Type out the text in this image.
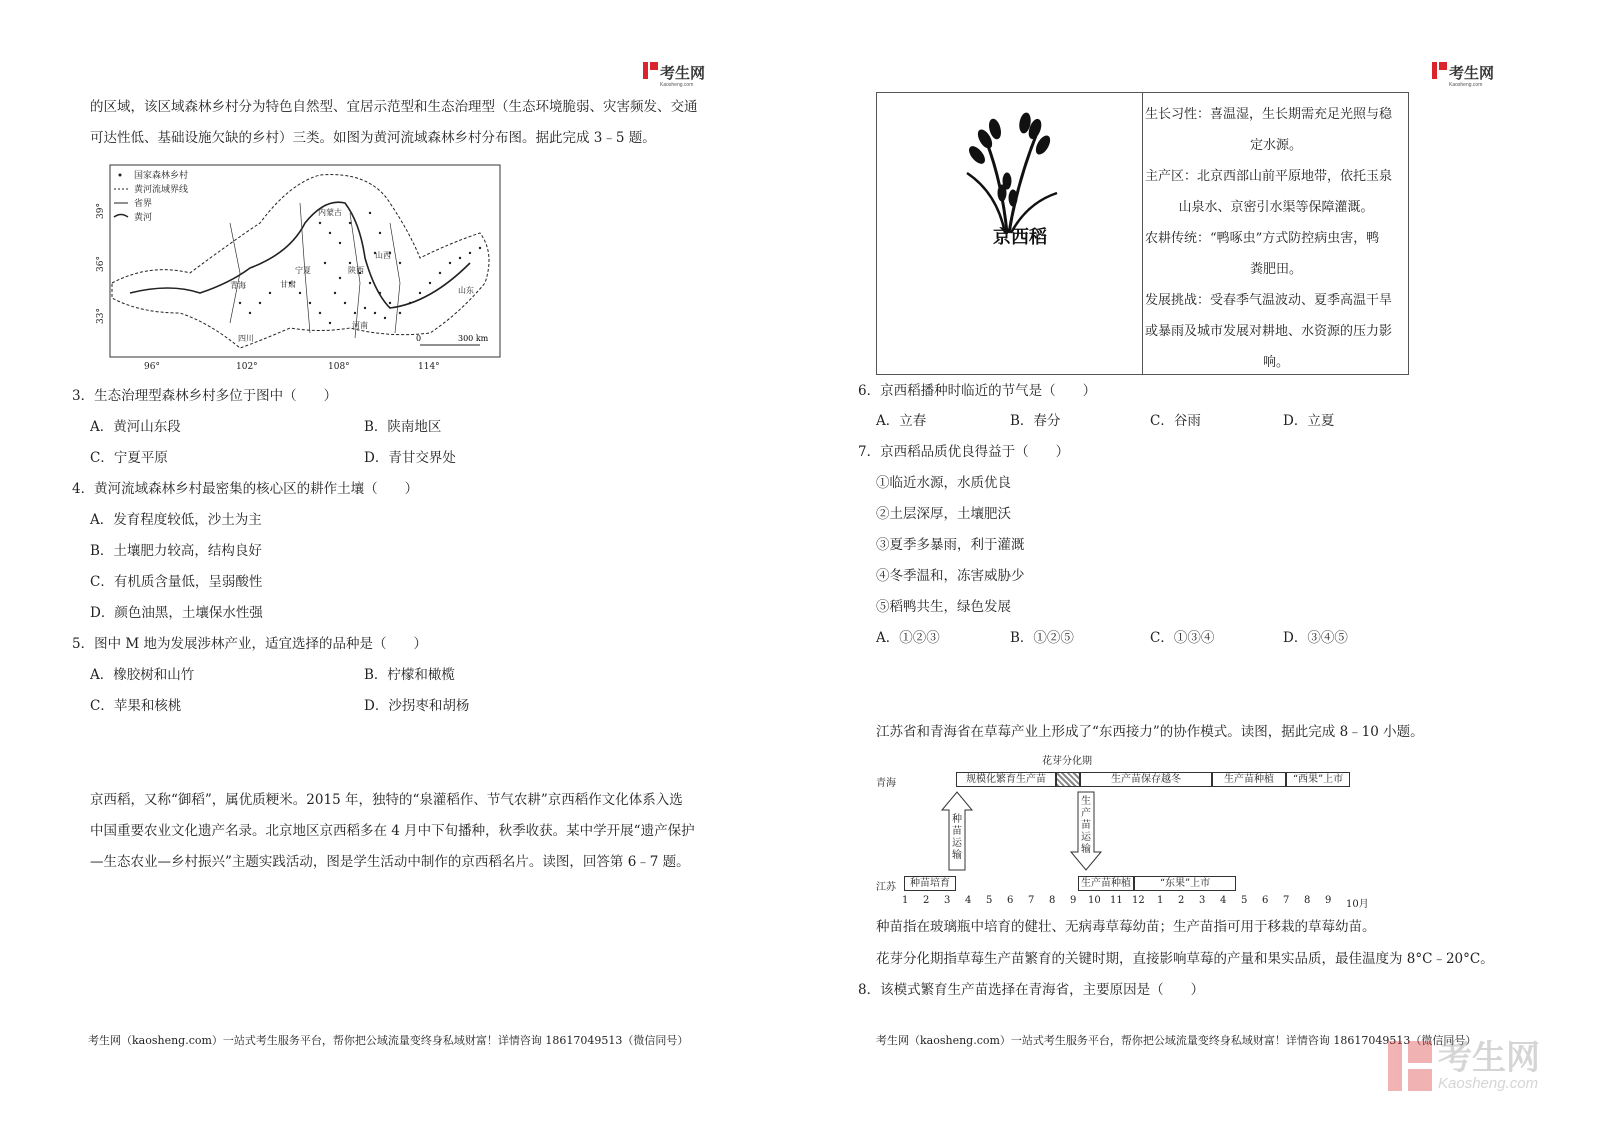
考生网
Kaosheng.com
的区域，该区域森林乡村分为特色自然型、宜居示范型和生态治理型（生态环境脆弱、灾害频发、交通
可达性低、基础设施欠缺的乡村）三类。如图为黄河流域森林乡村分布图。据此完成 3﹣5 题。
国家森林乡村
黄河流域界线
省界
黄河
内蒙古
宁夏
山西
陕西
青海	甘肃
河南
山东
四川	0	300 km
39°
36°
33°
96°	102°	108°	114°
3．生态治理型森林乡村多位于图中（　　）
A．黄河山东段	B．陕南地区
C．宁夏平原	D．青甘交界处
4．黄河流域森林乡村最密集的核心区的耕作土壤（　　）
A．发育程度较低，沙土为主
B．土壤肥力较高，结构良好
C．有机质含量低，呈弱酸性
D．颜色油黑，土壤保水性强
5．图中 M 地为发展涉林产业，适宜选择的品种是（　　）
A．橡胶树和山竹	B．柠檬和橄榄
C．苹果和核桃	D．沙拐枣和胡杨
京西稻，又称“御稻”，属优质粳米。2015 年，独特的“泉灌稻作、节气农耕”京西稻作文化体系入选
中国重要农业文化遗产名录。北京地区京西稻多在 4 月中下旬播种，秋季收获。某中学开展“遗产保护
—生态农业—乡村振兴”主题实践活动，图是学生活动中制作的京西稻名片。读图，回答第 6﹣7 题。
考生网（kaosheng.com）一站式考生服务平台，帮你把公域流量变终身私域财富！详情咨询 18617049513（微信同号）
考生网
Kaosheng.com
京西稻

生长习性：喜温湿，生长期需充足光照与稳

定水源。

主产区：北京西部山前平原地带，依托玉泉

山泉水、京密引水渠等保障灌溉。

农耕传统：“鸭啄虫”方式防控病虫害，鸭

粪肥田。

发展挑战：受春季气温波动、夏季高温干旱

或暴雨及城市发展对耕地、水资源的压力影

响。

6．京西稻播种时临近的节气是（　　）
A．立春	B．春分	C．谷雨	D．立夏
7．京西稻品质优良得益于（　　）
①临近水源，水质优良
②土层深厚，土壤肥沃
③夏季多暴雨，利于灌溉
④冬季温和，冻害威胁少
⑤稻鸭共生，绿色发展
A．①②③	B．①②⑤	C．①③④	D．③④⑤
江苏省和青海省在草莓产业上形成了“东西接力”的协作模式。读图，据此完成 8﹣10 小题。
花芽分化期
青海	规模化繁育生产苗	生产苗保存越冬	生产苗种植	“西果”上市
种苗运输
生产苗运输
江苏	种苗培育	生产苗种植	“东果”上市
1 2 3 4 5 6 7 8 9 10 11 12 1 2 3 4 5 6 7 8 9 10月
种苗指在玻璃瓶中培育的健壮、无病毒草莓幼苗；生产苗指可用于移栽的草莓幼苗。
花芽分化期指草莓生产苗繁育的关键时期，直接影响草莓的产量和果实品质，最佳温度为 8°C﹣20°C。
8．该模式繁育生产苗选择在青海省，主要原因是（　　）
考生网（kaosheng.com）一站式考生服务平台，帮你把公域流量变终身私域财富！详情咨询 18617049513（微信同号）
考生网
Kaosheng.com
